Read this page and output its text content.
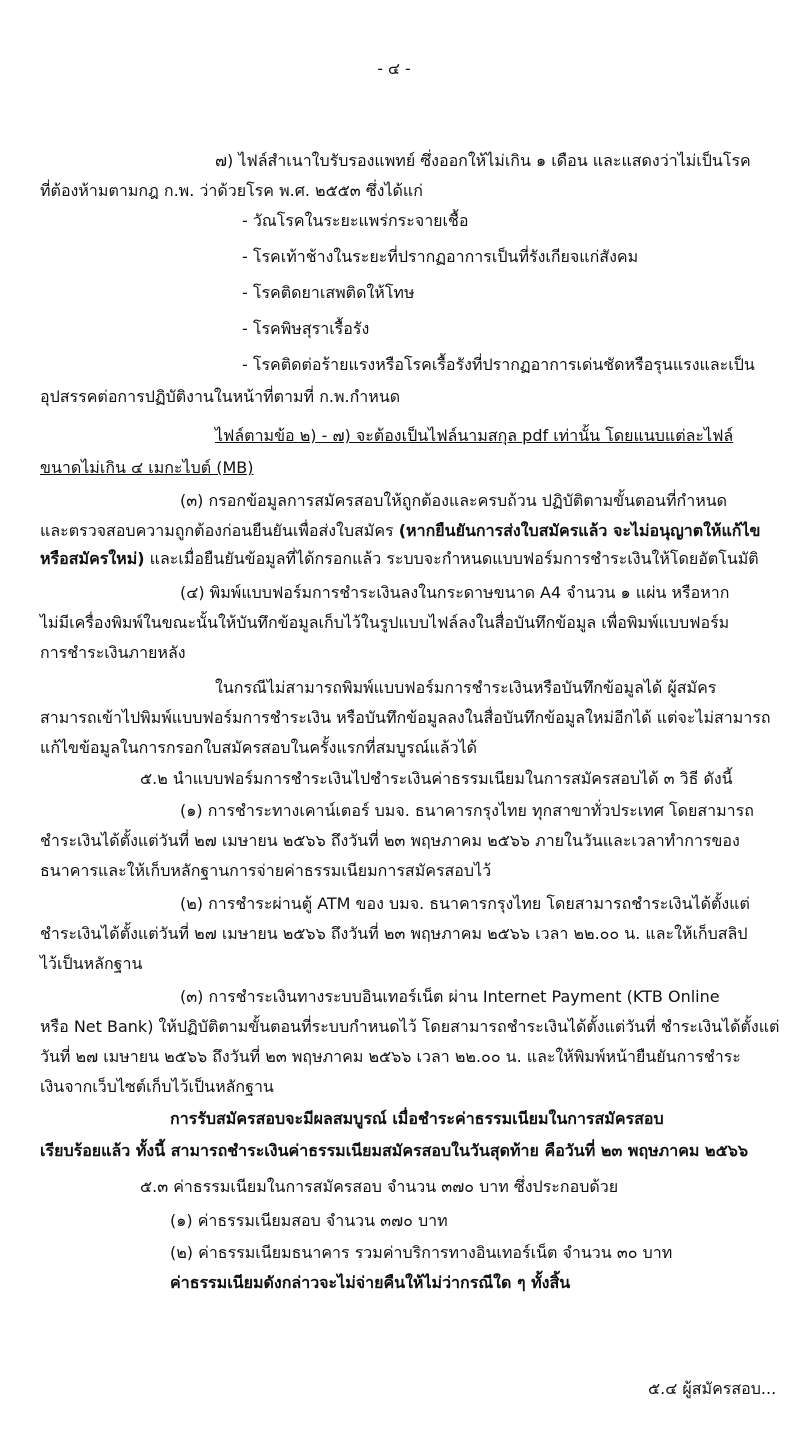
- ๔ -
๗) ไฟล์สำเนาใบรับรองแพทย์ ซึ่งออกให้ไม่เกิน ๑ เดือน และแสดงว่าไม่เป็นโรค
ที่ต้องห้ามตามกฎ ก.พ. ว่าด้วยโรค พ.ศ. ๒๕๕๓ ซึ่งได้แก่
- วัณโรคในระยะแพร่กระจายเชื้อ
- โรคเท้าช้างในระยะที่ปรากฏอาการเป็นที่รังเกียจแก่สังคม
- โรคติดยาเสพติดให้โทษ
- โรคพิษสุราเรื้อรัง
- โรคติดต่อร้ายแรงหรือโรคเรื้อรังที่ปรากฏอาการเด่นชัดหรือรุนแรงและเป็น
อุปสรรคต่อการปฏิบัติงานในหน้าที่ตามที่ ก.พ.กำหนด
ไฟล์ตามข้อ ๒) - ๗) จะต้องเป็นไฟล์นามสกุล pdf เท่านั้น โดยแนบแต่ละไฟล์
ขนาดไม่เกิน ๔ เมกะไบต์ (MB)
(๓) กรอกข้อมูลการสมัครสอบให้ถูกต้องและครบถ้วน ปฏิบัติตามขั้นตอนที่กำหนด
และตรวจสอบความถูกต้องก่อนยืนยันเพื่อส่งใบสมัคร (หากยืนยันการส่งใบสมัครแล้ว จะไม่อนุญาตให้แก้ไข
หรือสมัครใหม่) และเมื่อยืนยันข้อมูลที่ได้กรอกแล้ว ระบบจะกำหนดแบบฟอร์มการชำระเงินให้โดยอัตโนมัติ
(๔) พิมพ์แบบฟอร์มการชำระเงินลงในกระดาษขนาด A4 จำนวน ๑ แผ่น หรือหาก
ไม่มีเครื่องพิมพ์ในขณะนั้นให้บันทึกข้อมูลเก็บไว้ในรูปแบบไฟล์ลงในสื่อบันทึกข้อมูล เพื่อพิมพ์แบบฟอร์ม
การชำระเงินภายหลัง
ในกรณีไม่สามารถพิมพ์แบบฟอร์มการชำระเงินหรือบันทึกข้อมูลได้ ผู้สมัคร
สามารถเข้าไปพิมพ์แบบฟอร์มการชำระเงิน หรือบันทึกข้อมูลลงในสื่อบันทึกข้อมูลใหม่อีกได้ แต่จะไม่สามารถ
แก้ไขข้อมูลในการกรอกใบสมัครสอบในครั้งแรกที่สมบูรณ์แล้วได้
๕.๒ นำแบบฟอร์มการชำระเงินไปชำระเงินค่าธรรมเนียมในการสมัครสอบได้ ๓ วิธี ดังนี้
(๑) การชำระทางเคาน์เตอร์ บมจ. ธนาคารกรุงไทย ทุกสาขาทั่วประเทศ โดยสามารถ
ชำระเงินได้ตั้งแต่วันที่ ๒๗ เมษายน ๒๕๖๖ ถึงวันที่ ๒๓ พฤษภาคม ๒๕๖๖ ภายในวันและเวลาทำการของ
ธนาคารและให้เก็บหลักฐานการจ่ายค่าธรรมเนียมการสมัครสอบไว้
(๒) การชำระผ่านตู้ ATM ของ บมจ. ธนาคารกรุงไทย โดยสามารถชำระเงินได้ตั้งแต่
ชำระเงินได้ตั้งแต่วันที่ ๒๗ เมษายน ๒๕๖๖ ถึงวันที่ ๒๓ พฤษภาคม ๒๕๖๖ เวลา ๒๒.๐๐ น. และให้เก็บสลิป
ไว้เป็นหลักฐาน
(๓) การชำระเงินทางระบบอินเทอร์เน็ต ผ่าน Internet Payment (KTB Online
หรือ Net Bank) ให้ปฏิบัติตามขั้นตอนที่ระบบกำหนดไว้ โดยสามารถชำระเงินได้ตั้งแต่วันที่ ชำระเงินได้ตั้งแต่
วันที่ ๒๗ เมษายน ๒๕๖๖ ถึงวันที่ ๒๓ พฤษภาคม ๒๕๖๖ เวลา ๒๒.๐๐ น. และให้พิมพ์หน้ายืนยันการชำระ
เงินจากเว็บไซต์เก็บไว้เป็นหลักฐาน
การรับสมัครสอบจะมีผลสมบูรณ์ เมื่อชำระค่าธรรมเนียมในการสมัครสอบ
เรียบร้อยแล้ว ทั้งนี้ สามารถชำระเงินค่าธรรมเนียมสมัครสอบในวันสุดท้าย คือวันที่ ๒๓ พฤษภาคม ๒๕๖๖
๕.๓ ค่าธรรมเนียมในการสมัครสอบ จำนวน ๓๗๐ บาท ซึ่งประกอบด้วย
(๑) ค่าธรรมเนียมสอบ จำนวน ๓๗๐ บาท
(๒) ค่าธรรมเนียมธนาคาร รวมค่าบริการทางอินเทอร์เน็ต จำนวน ๓๐ บาท
ค่าธรรมเนียมดังกล่าวจะไม่จ่ายคืนให้ไม่ว่ากรณีใด ๆ ทั้งสิ้น
๕.๔ ผู้สมัครสอบ...
